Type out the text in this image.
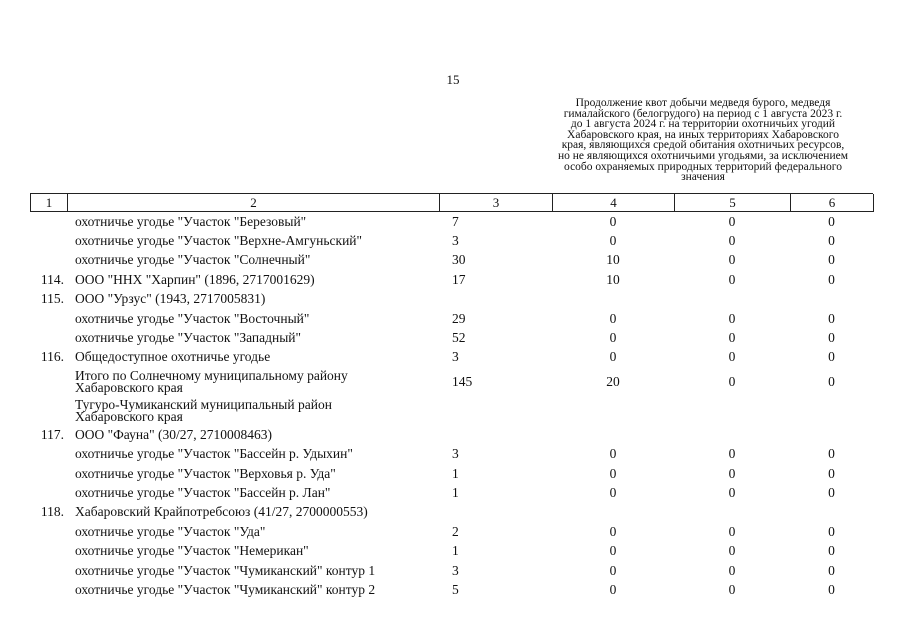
15
Продолжение квот добычи медведя бурого, медведя
гималайского (белогрудого) на период с 1 августа 2023 г.
до 1 августа 2024 г. на территории охотничьих угодий
Хабаровского края, на иных территориях Хабаровского
края, являющихся средой обитания охотничьих ресурсов,
но не являющихся охотничьими угодьями, за исключением
особо охраняемых природных территорий федерального
значения
1	2	3	4	5	6
охотничье угодье "Участок "Березовый"	7	0	0	0
охотничье угодье "Участок "Верхне-Амгуньский"	3	0	0	0
охотничье угодье "Участок "Солнечный"	30	10	0	0
114. ООО "ННХ "Харпин" (1896, 2717001629)	17	10	0	0
115. ООО "Урзус" (1943, 2717005831)
охотничье угодье "Участок "Восточный"	29	0	0	0
охотничье угодье "Участок "Западный"	52	0	0	0
116. Общедоступное охотничье угодье	3	0	0	0
Итого по Солнечному муниципальному району
Хабаровского края	145	20	0	0
Тугуро-Чумиканский муниципальный район
Хабаровского края
117. ООО "Фауна" (30/27, 2710008463)
охотничье угодье "Участок "Бассейн р. Удыхин"	3	0	0	0
охотничье угодье "Участок "Верховья р. Уда"	1	0	0	0
охотничье угодье "Участок "Бассейн р. Лан"	1	0	0	0
118. Хабаровский Крайпотребсоюз (41/27, 2700000553)
охотничье угодье "Участок "Уда"	2	0	0	0
охотничье угодье "Участок "Немерикан"	1	0	0	0
охотничье угодье "Участок "Чумиканский" контур 1	3	0	0	0
охотничье угодье "Участок "Чумиканский" контур 2	5	0	0	0
